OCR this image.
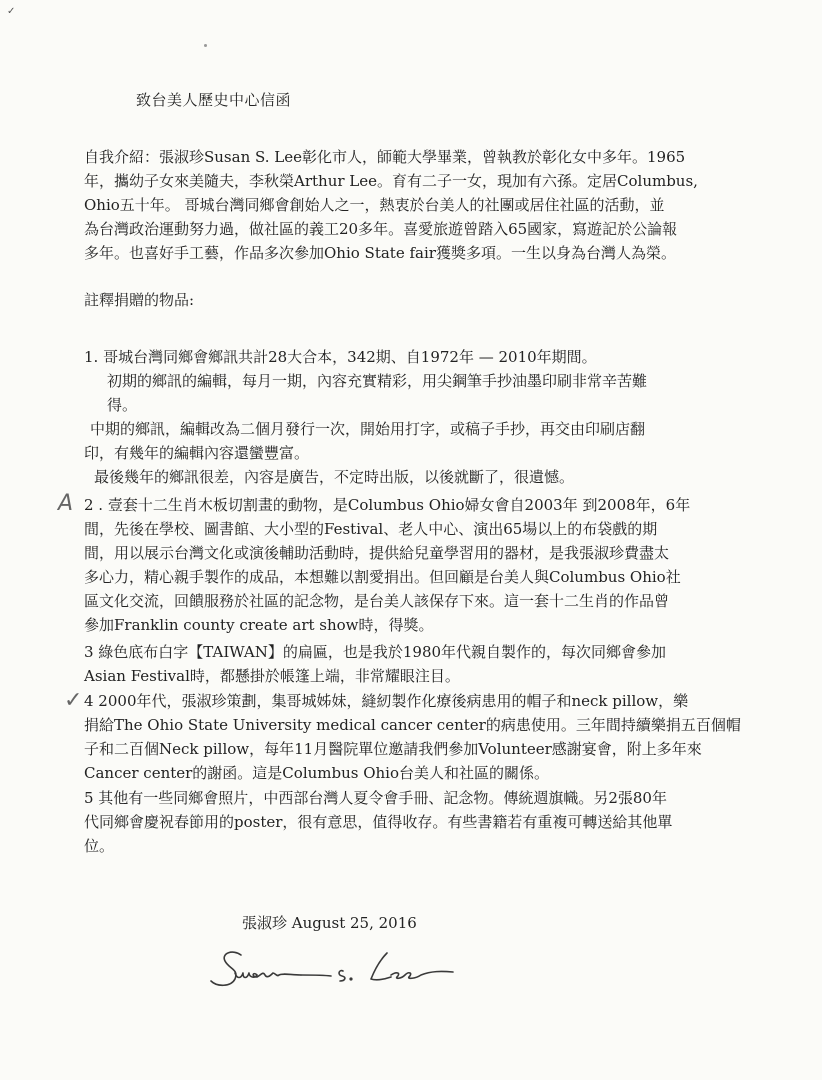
✓
致台美人歷史中心信函
自我介紹：張淑珍Susan S. Lee彰化市人，師範大學畢業，曾執教於彰化女中多年。1965
年，攜幼子女來美隨夫，李秋榮Arthur Lee。育有二子一女，現加有六孫。定居Columbus,
Ohio五十年。 哥城台灣同鄉會創始人之一，熱衷於台美人的社團或居住社區的活動，並
為台灣政治運動努力過，做社區的義工20多年。喜愛旅遊曾踏入65國家，寫遊記於公論報
多年。也喜好手工藝，作品多次參加Ohio State fair獲獎多項。一生以身為台灣人為榮。
註釋捐贈的物品:
1. 哥城台灣同鄉會鄉訊共計28大合本，342期、自1972年 — 2010年期間。
初期的鄉訊的編輯，每月一期，內容充實精彩，用尖鋼筆手抄油墨印刷非常辛苦難
得。
中期的鄉訊，編輯改為二個月發行一次，開始用打字，或稿子手抄，再交由印刷店翻
印，有幾年的編輯內容還蠻豐富。
最後幾年的鄉訊很差，內容是廣告，不定時出版，以後就斷了，很遺憾。
A 2 . 壹套十二生肖木板切割畫的動物，是Columbus Ohio婦女會自2003年 到2008年，6年
間，先後在學校、圖書館、大小型的Festival、老人中心、演出65場以上的布袋戲的期
間，用以展示台灣文化或演後輔助活動時，提供給兒童學習用的器材，是我張淑珍費盡太
多心力，精心親手製作的成品，本想難以割愛捐出。但回顧是台美人與Columbus Ohio社
區文化交流，回饋服務於社區的記念物，是台美人該保存下來。這一套十二生肖的作品曾
參加Franklin county create art show時，得獎。
3 綠色底布白字【TAIWAN】的扁匾，也是我於1980年代親自製作的，每次同鄉會參加
Asian Festival時，都懸掛於帳篷上端，非常耀眼注目。
✓ 4 2000年代，張淑珍策劃，集哥城姊妹，縫紉製作化療後病患用的帽子和neck pillow，樂
捐給The Ohio State University medical cancer center的病患使用。三年間持續樂捐五百個帽
子和二百個Neck pillow，每年11月醫院單位邀請我們參加Volunteer感謝宴會，附上多年來
Cancer center的謝函。這是Columbus Ohio台美人和社區的關係。
5 其他有一些同鄉會照片，中西部台灣人夏令會手冊、記念物。傳統週旗幟。另2張80年
代同鄉會慶祝春節用的poster，很有意思，值得收存。有些書籍若有重複可轉送給其他單
位。
張淑珍 August 25, 2016
